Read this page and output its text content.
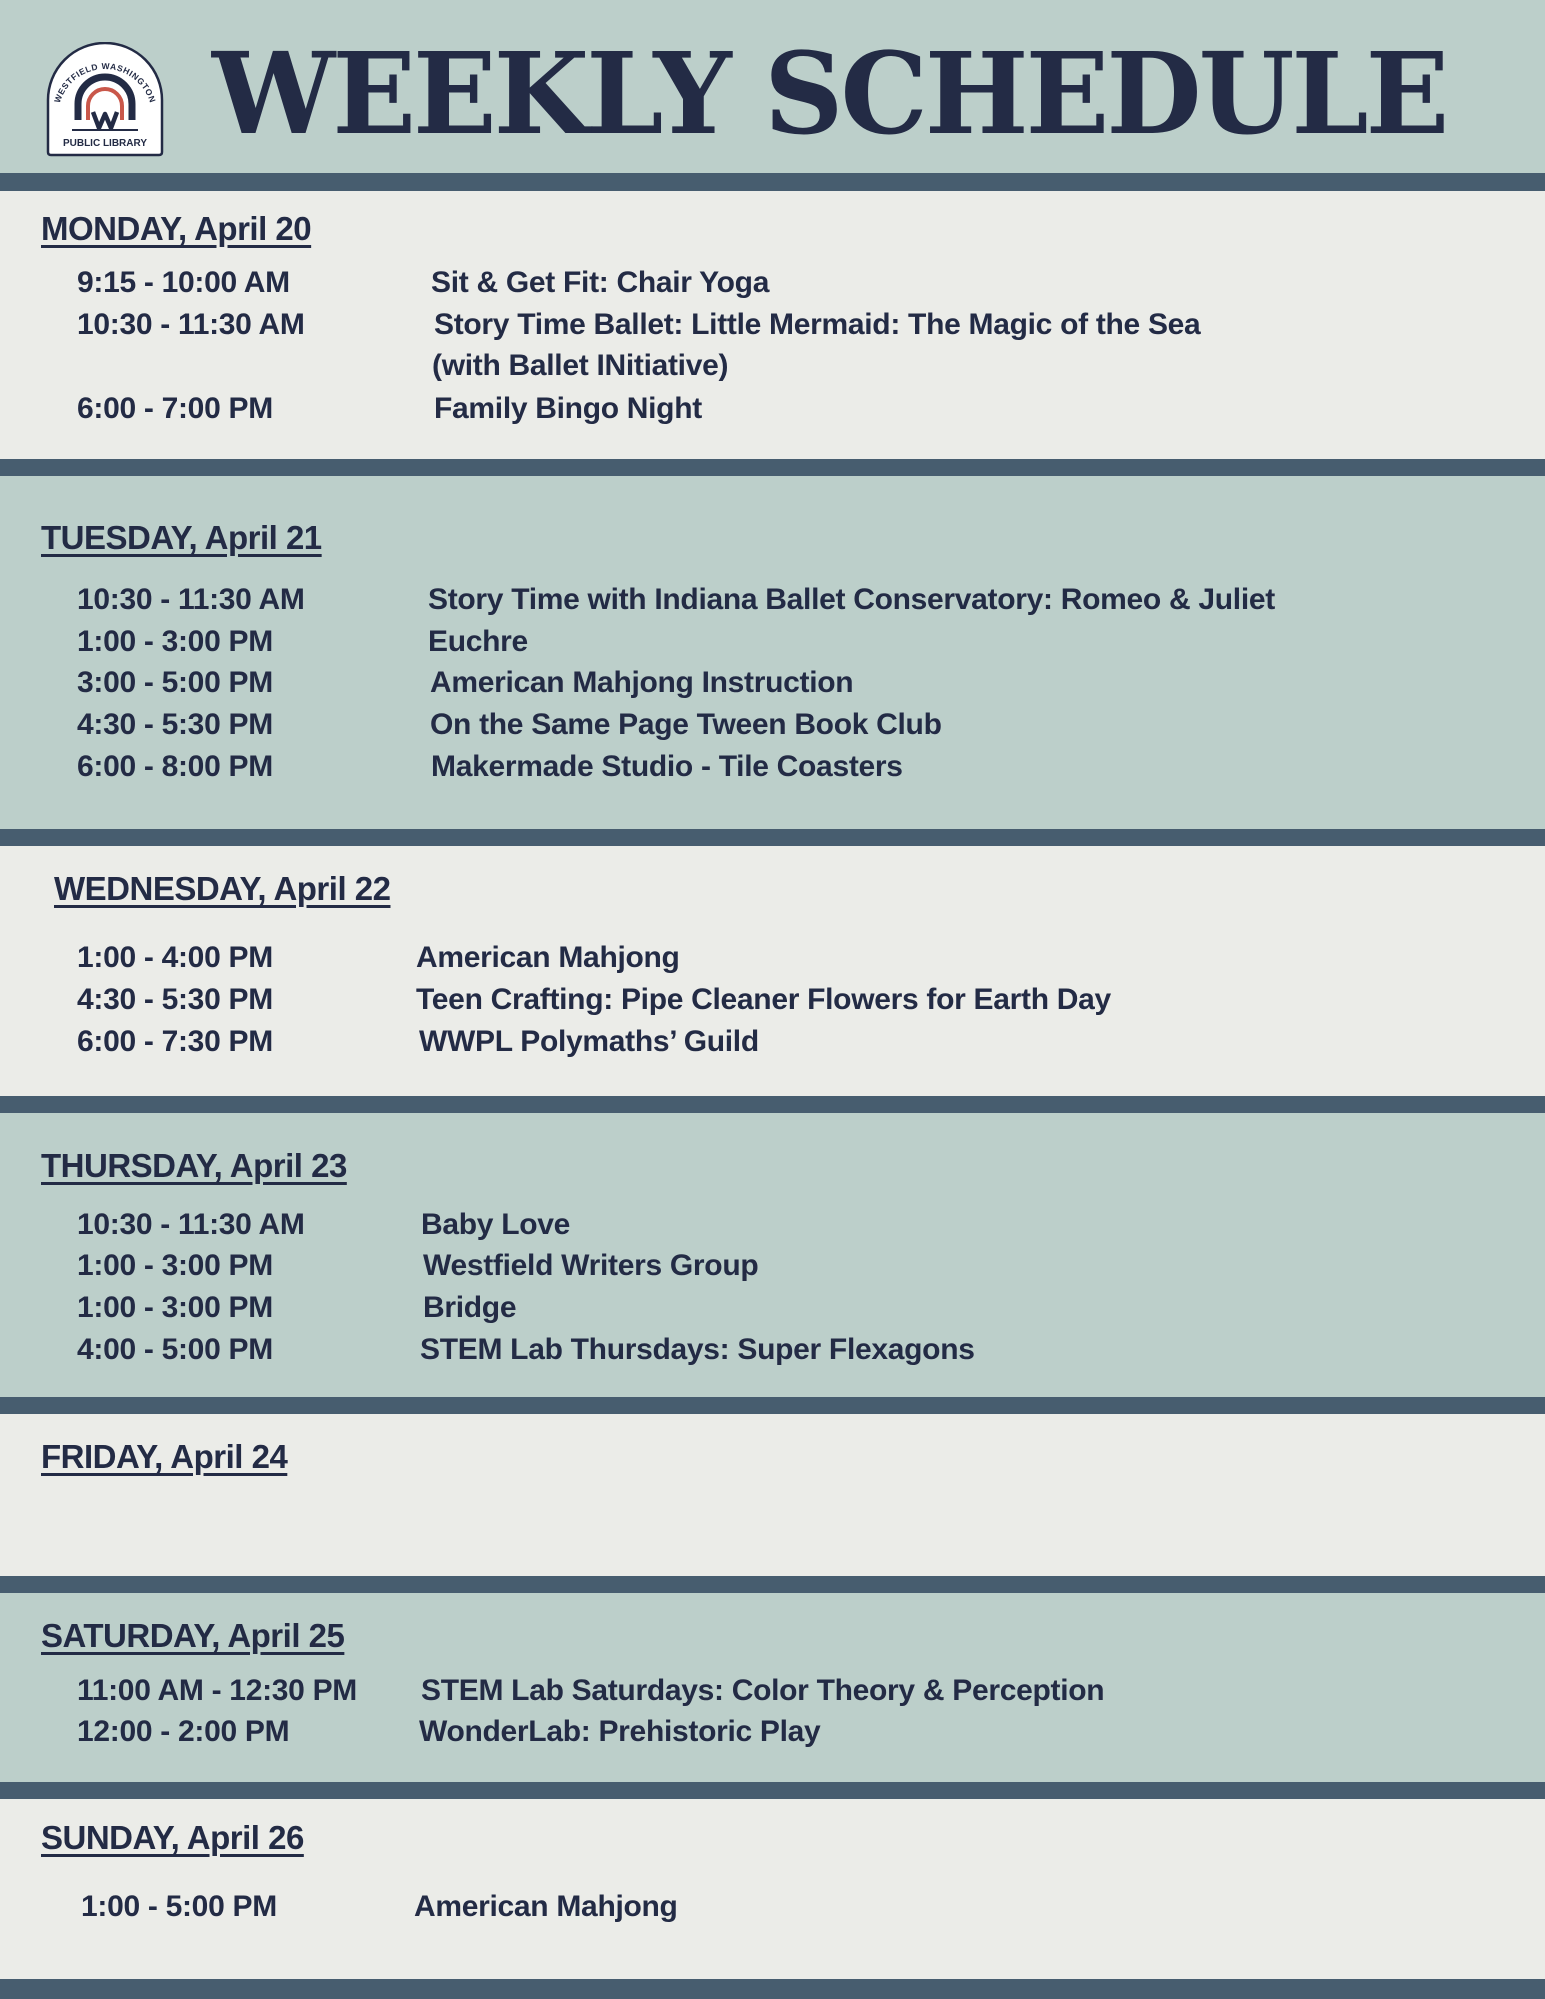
PUBLIC LIBRARY
WESTFIELD WASHINGTON WEEKLY SCHEDULE
MONDAY, April 20
9:15 - 10:00 AM	Sit & Get Fit: Chair Yoga
10:30 - 11:30 AM	Story Time Ballet: Little Mermaid: The Magic of the Sea
(with Ballet INitiative)
6:00 - 7:00 PM	Family Bingo Night
TUESDAY, April 21
10:30 - 11:30 AM	Story Time with Indiana Ballet Conservatory: Romeo & Juliet
1:00 - 3:00 PM	Euchre
3:00 - 5:00 PM	American Mahjong Instruction
4:30 - 5:30 PM	On the Same Page Tween Book Club
6:00 - 8:00 PM	Makermade Studio - Tile Coasters
WEDNESDAY, April 22
1:00 - 4:00 PM	American Mahjong
4:30 - 5:30 PM	Teen Crafting: Pipe Cleaner Flowers for Earth Day
6:00 - 7:30 PM	WWPL Polymaths’ Guild
THURSDAY, April 23
10:30 - 11:30 AM	Baby Love
1:00 - 3:00 PM	Westfield Writers Group
1:00 - 3:00 PM	Bridge
4:00 - 5:00 PM	STEM Lab Thursdays: Super Flexagons
FRIDAY, April 24
SATURDAY, April 25
11:00 AM - 12:30 PM STEM Lab Saturdays: Color Theory & Perception
12:00 - 2:00 PM	WonderLab: Prehistoric Play
SUNDAY, April 26
1:00 - 5:00 PM	American Mahjong
